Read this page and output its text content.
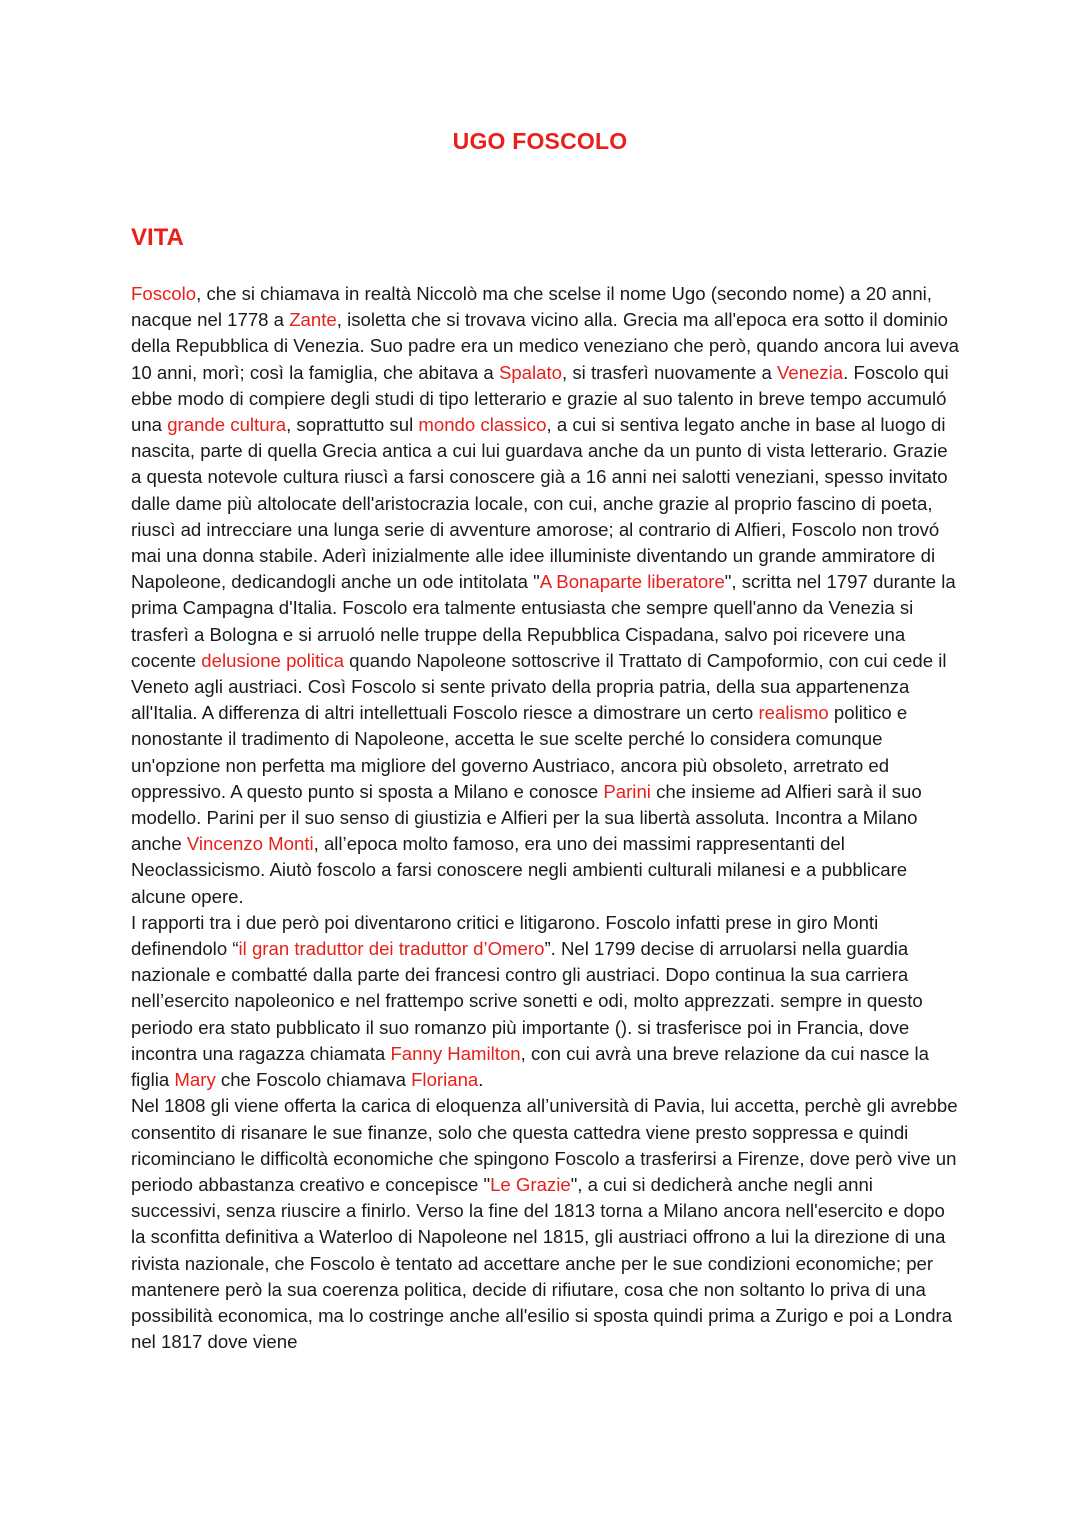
UGO FOSCOLO
VITA
Foscolo, che si chiamava in realtà Niccolò ma che scelse il nome Ugo (secondo nome) a 20 anni, nacque nel 1778 a Zante, isoletta che si trovava vicino alla. Grecia ma all'epoca era sotto il dominio della Repubblica di Venezia. Suo padre era un medico veneziano che però, quando ancora lui aveva 10 anni, morì; così la famiglia, che abitava a Spalato, si trasferì nuovamente a Venezia. Foscolo qui ebbe modo di compiere degli studi di tipo letterario e grazie al suo talento in breve tempo accumuló una grande cultura, soprattutto sul mondo classico, a cui si sentiva legato anche in base al luogo di nascita, parte di quella Grecia antica a cui lui guardava anche da un punto di vista letterario. Grazie a questa notevole cultura riuscì a farsi conoscere già a 16 anni nei salotti veneziani, spesso invitato dalle dame più altolocate dell'aristocrazia locale, con cui, anche grazie al proprio fascino di poeta, riuscì ad intrecciare una lunga serie di avventure amorose; al contrario di Alfieri, Foscolo non trovó mai una donna stabile. Aderì inizialmente alle idee illuministe diventando un grande ammiratore di Napoleone, dedicandogli anche un ode intitolata "A Bonaparte liberatore", scritta nel 1797 durante la prima Campagna d'Italia. Foscolo era talmente entusiasta che sempre quell'anno da Venezia si trasferì a Bologna e si arruoló nelle truppe della Repubblica Cispadana, salvo poi ricevere una cocente delusione politica quando Napoleone sottoscrive il Trattato di Campoformio, con cui cede il Veneto agli austriaci. Così Foscolo si sente privato della propria patria, della sua appartenenza all'Italia. A differenza di altri intellettuali Foscolo riesce a dimostrare un certo realismo politico e nonostante il tradimento di Napoleone, accetta le sue scelte perché lo considera comunque un'opzione non perfetta ma migliore del governo Austriaco, ancora più obsoleto, arretrato ed oppressivo. A questo punto si sposta a Milano e conosce Parini che insieme ad Alfieri sarà il suo modello. Parini per il suo senso di giustizia e Alfieri per la sua libertà assoluta. Incontra a Milano anche Vincenzo Monti, all’epoca molto famoso, era uno dei massimi rappresentanti del Neoclassicismo. Aiutò foscolo a farsi conoscere negli ambienti culturali milanesi e a pubblicare alcune opere.
I rapporti tra i due però poi diventarono critici e litigarono. Foscolo infatti prese in giro Monti definendolo “il gran traduttor dei traduttor d’Omero”. Nel 1799 decise di arruolarsi nella guardia nazionale e combatté dalla parte dei francesi contro gli austriaci. Dopo continua la sua carriera nell’esercito napoleonico e nel frattempo scrive sonetti e odi, molto apprezzati. sempre in questo periodo era stato pubblicato il suo romanzo più importante (). si trasferisce poi in Francia, dove incontra una ragazza chiamata Fanny Hamilton, con cui avrà una breve relazione da cui nasce la figlia Mary che Foscolo chiamava Floriana.
Nel 1808 gli viene offerta la carica di eloquenza all’università di Pavia, lui accetta, perchè gli avrebbe consentito di risanare le sue finanze, solo che questa cattedra viene presto soppressa e quindi ricominciano le difficoltà economiche che spingono Foscolo a trasferirsi a Firenze, dove però vive un periodo abbastanza creativo e concepisce "Le Grazie", a cui si dedicherà anche negli anni successivi, senza riuscire a finirlo. Verso la fine del 1813 torna a Milano ancora nell'esercito e dopo la sconfitta definitiva a Waterloo di Napoleone nel 1815, gli austriaci offrono a lui la direzione di una rivista nazionale, che Foscolo è tentato ad accettare anche per le sue condizioni economiche; per mantenere però la sua coerenza politica, decide di rifiutare, cosa che non soltanto lo priva di una possibilità economica, ma lo costringe anche all'esilio si sposta quindi prima a Zurigo e poi a Londra nel 1817 dove viene
